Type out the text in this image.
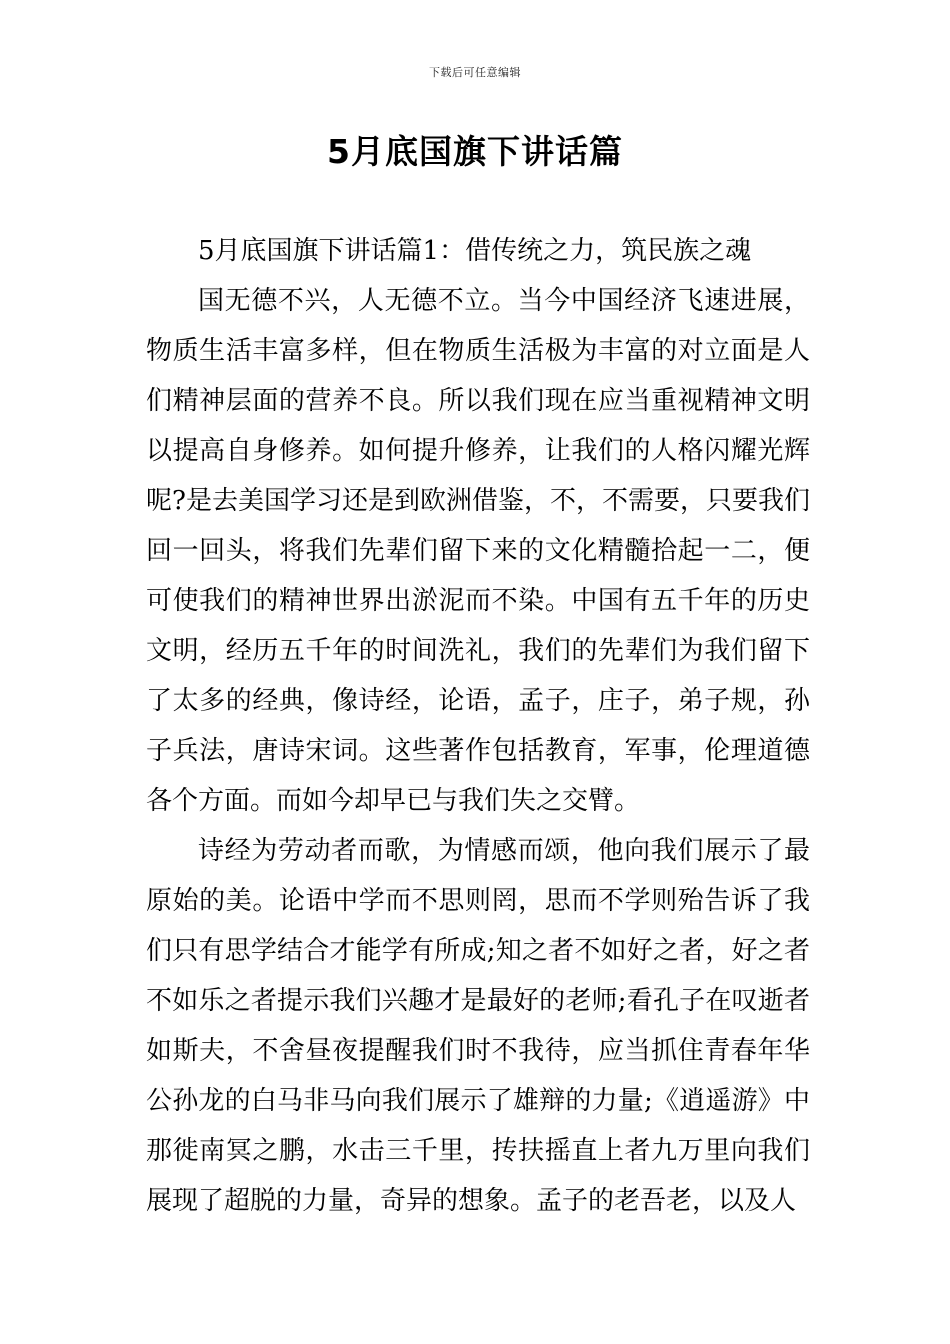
下载后可任意编辑
5月底国旗下讲话篇

5月底国旗下讲话篇1：借传统之力，筑民族之魂

国无德不兴，人无德不立。当今中国经济飞速进展，物质生活丰富多样，但在物质生活极为丰富的对立面是人们精神层面的营养不良。所以我们现在应当重视精神文明以提高自身修养。如何提升修养，让我们的人格闪耀光辉呢?是去美国学习还是到欧洲借鉴，不，不需要，只要我们回一回头，将我们先辈们留下来的文化精髓拾起一二，便可使我们的精神世界出淤泥而不染。中国有五千年的历史文明，经历五千年的时间洗礼，我们的先辈们为我们留下了太多的经典，像诗经，论语，孟子，庄子，弟子规，孙子兵法，唐诗宋词。这些著作包括教育，军事，伦理道德各个方面。而如今却早已与我们失之交臂。

诗经为劳动者而歌，为情感而颂，他向我们展示了最原始的美。论语中学而不思则罔，思而不学则殆告诉了我们只有思学结合才能学有所成;知之者不如好之者，好之者不如乐之者提示我们兴趣才是最好的老师;看孔子在叹逝者如斯夫，不舍昼夜提醒我们时不我待，应当抓住青春年华公孙龙的白马非马向我们展示了雄辩的力量;《逍遥游》中那徙南冥之鹏，水击三千里，抟扶摇直上者九万里向我们展现了超脱的力量，奇异的想象。孟子的老吾老，以及人
